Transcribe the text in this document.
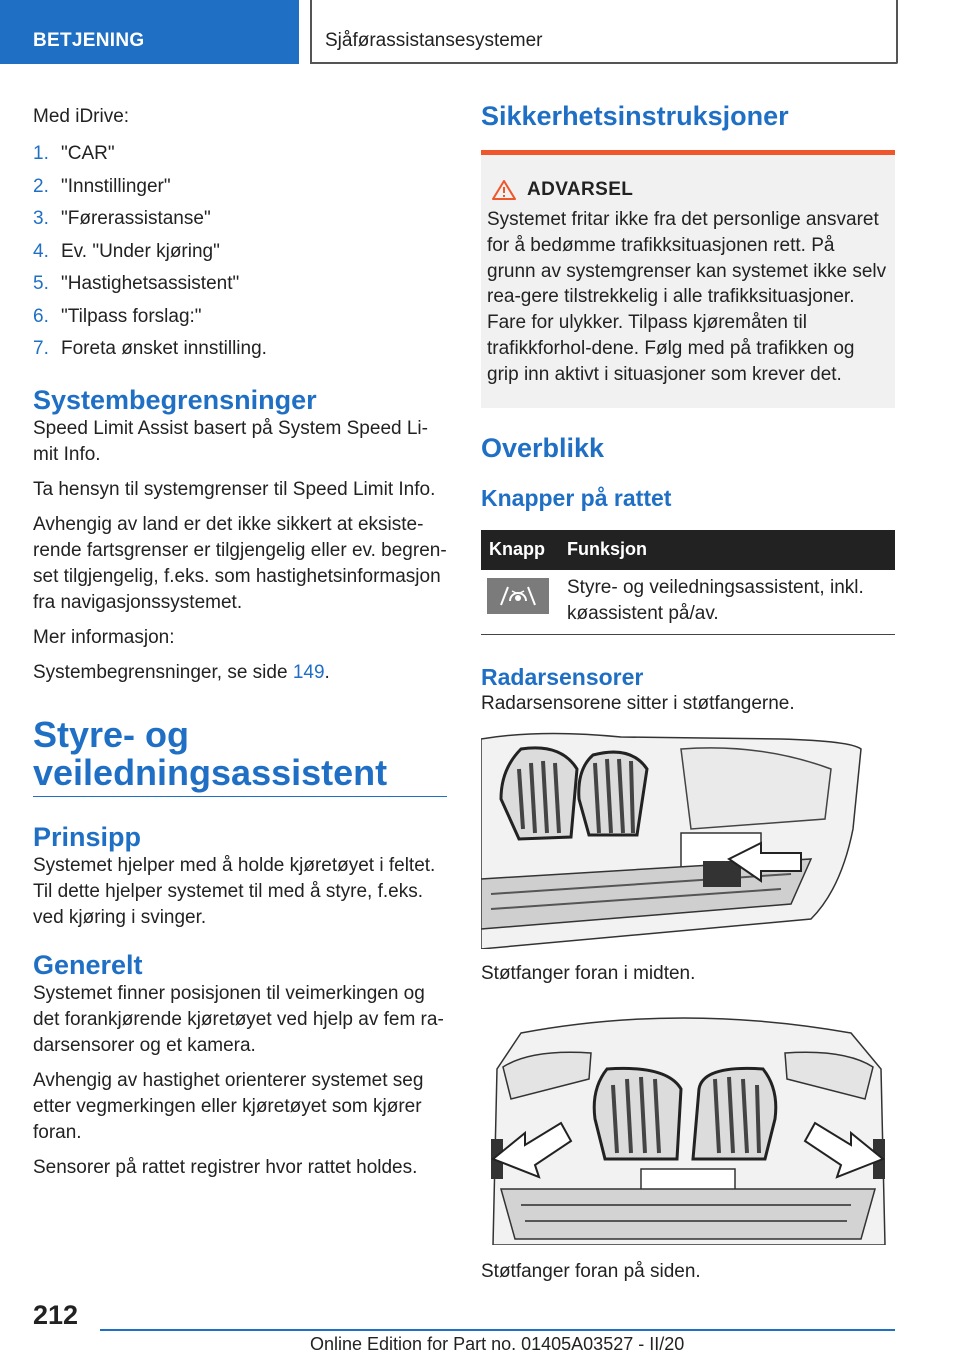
BETJENING	Sjåførassistansesystemer

Med iDrive:

1. "CAR"
2. "Innstillinger"
3. "Førerassistanse"
4. Ev. "Under kjøring"
5. "Hastighetsassistent"
6. "Tilpass forslag:"
7. Foreta ønsket innstilling.
Systembegrensninger

Speed Limit Assist basert på System Speed Li-mit Info.

Ta hensyn til systemgrenser til Speed Limit Info.

Avhengig av land er det ikke sikkert at eksiste-rende fartsgrenser er tilgjengelig eller ev. begren-set tilgjengelig, f.eks. som hastighetsinformasjon fra navigasjonssystemet.

Mer informasjon:

Systembegrensninger, se side 149.

Styre- og
veiledningsassistent
Prinsipp

Systemet hjelper med å holde kjøretøyet i feltet. Til dette hjelper systemet til med å styre, f.eks. ved kjøring i svinger.

Generelt

Systemet finner posisjonen til veimerkingen og det forankjørende kjøretøyet ved hjelp av fem ra-darsensorer og et kamera.

Avhengig av hastighet orienterer systemet seg etter vegmerkingen eller kjøretøyet som kjører foran.

Sensorer på rattet registrer hvor rattet holdes.

Sikkerhetsinstruksjoner
ADVARSEL
Systemet fritar ikke fra det personlige ansvaret for å bedømme trafikksituasjonen rett. På grunn av systemgrenser kan systemet ikke selv rea-gere tilstrekkelig i alle trafikksituasjoner. Fare for ulykker. Tilpass kjøremåten til trafikkforhol-dene. Følg med på trafikken og grip inn aktivt i situasjoner som krever det.
Overblikk
Knapper på rattet
Knapp	Funksjon

	Styre- og veiledningsassistent, inkl. køassistent på/av.
Radarsensorer

Radarsensorene sitter i støtfangerne.

Støtfanger foran i midten.

Støtfanger foran på siden.

212
Online Edition for Part no. 01405A03527 - II/20
